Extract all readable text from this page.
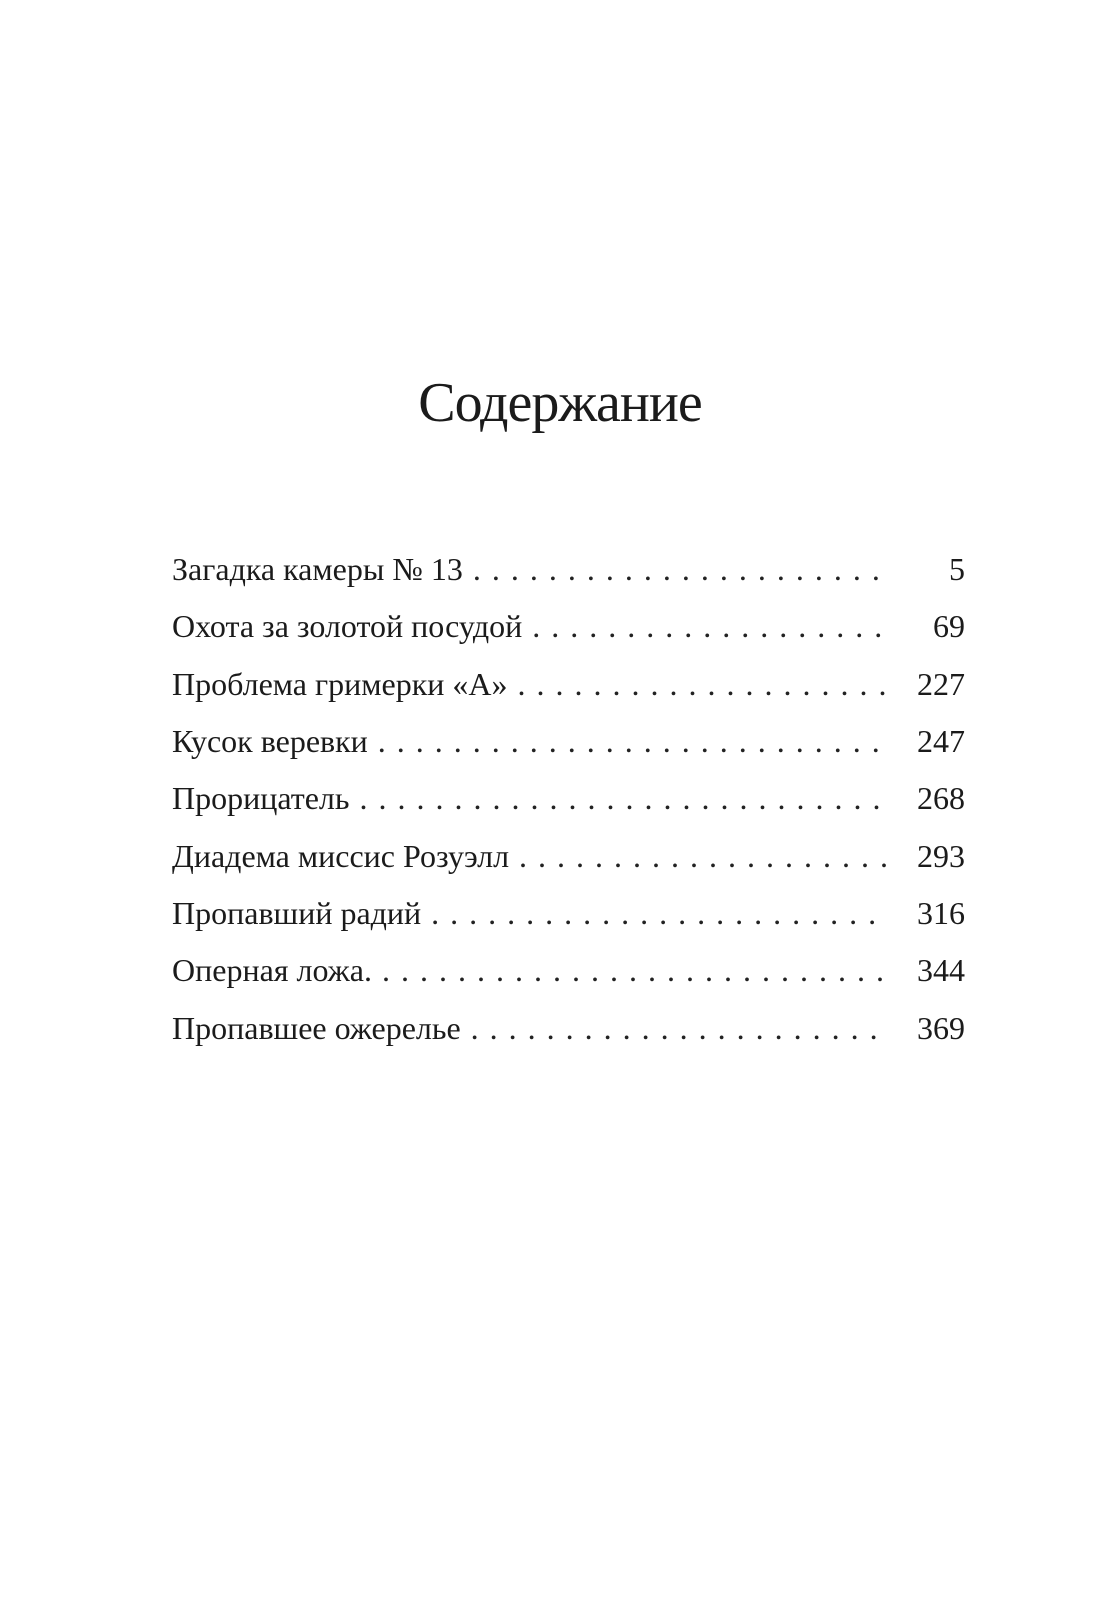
Содержание
Загадка камеры № 13 .....	5
Охота за золотой посудой .....	69
Проблема гримерки «А» .....	227
Кусок веревки .....	247
Прорицатель .....	268
Диадема миссис Розуэлл .....	293
Пропавший радий .....	316
Оперная ложа. .....	344
Пропавшее ожерелье .....	369
